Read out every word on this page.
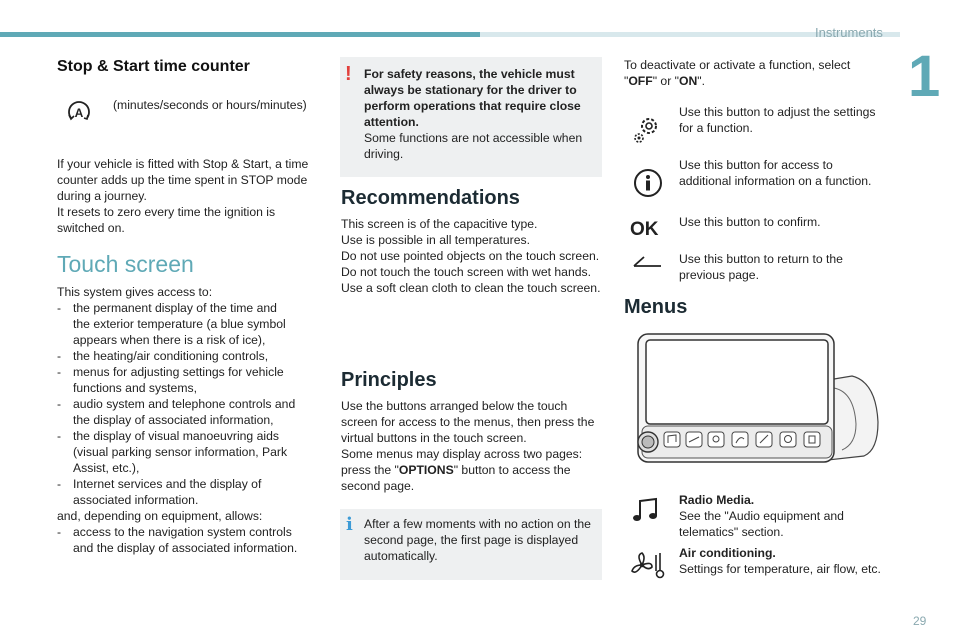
Instruments
1
29
Stop & Start time counter
A
(minutes/seconds or hours/minutes)
If your vehicle is fitted with Stop & Start, a time
counter adds up the time spent in STOP mode
during a journey.
It resets to zero every time the ignition is
switched on.
Touch screen
This system gives access to:
- the permanent display of the time and
the exterior temperature (a blue symbol
appears when there is a risk of ice),
- the heating/air conditioning controls,
- menus for adjusting settings for vehicle
functions and systems,
- audio system and telephone controls and
the display of associated information,
- the display of visual manoeuvring aids
(visual parking sensor information, Park
Assist, etc.),
- Internet services and the display of
associated information.
and, depending on equipment, allows:
- access to the navigation system controls
and the display of associated information.
! For safety reasons, the vehicle must
always be stationary for the driver to
perform operations that require close
attention.
Some functions are not accessible when
driving.
Recommendations
This screen is of the capacitive type.
Use is possible in all temperatures.
Do not use pointed objects on the touch screen.
Do not touch the touch screen with wet hands.
Use a soft clean cloth to clean the touch screen.
Principles
Use the buttons arranged below the touch
screen for access to the menus, then press the
virtual buttons in the touch screen.
Some menus may display across two pages:
press the "OPTIONS" button to access the
second page.
i After a few moments with no action on the
second page, the first page is displayed
automatically.
To deactivate or activate a function, select
"OFF" or "ON".
Use this button to adjust the settings
for a function.
Use this button for access to
additional information on a function.
OK Use this button to confirm.
Use this button to return to the
previous page.
Menus
Radio Media.
See the "Audio equipment and
telematics" section.
Air conditioning.
Settings for temperature, air flow, etc.
